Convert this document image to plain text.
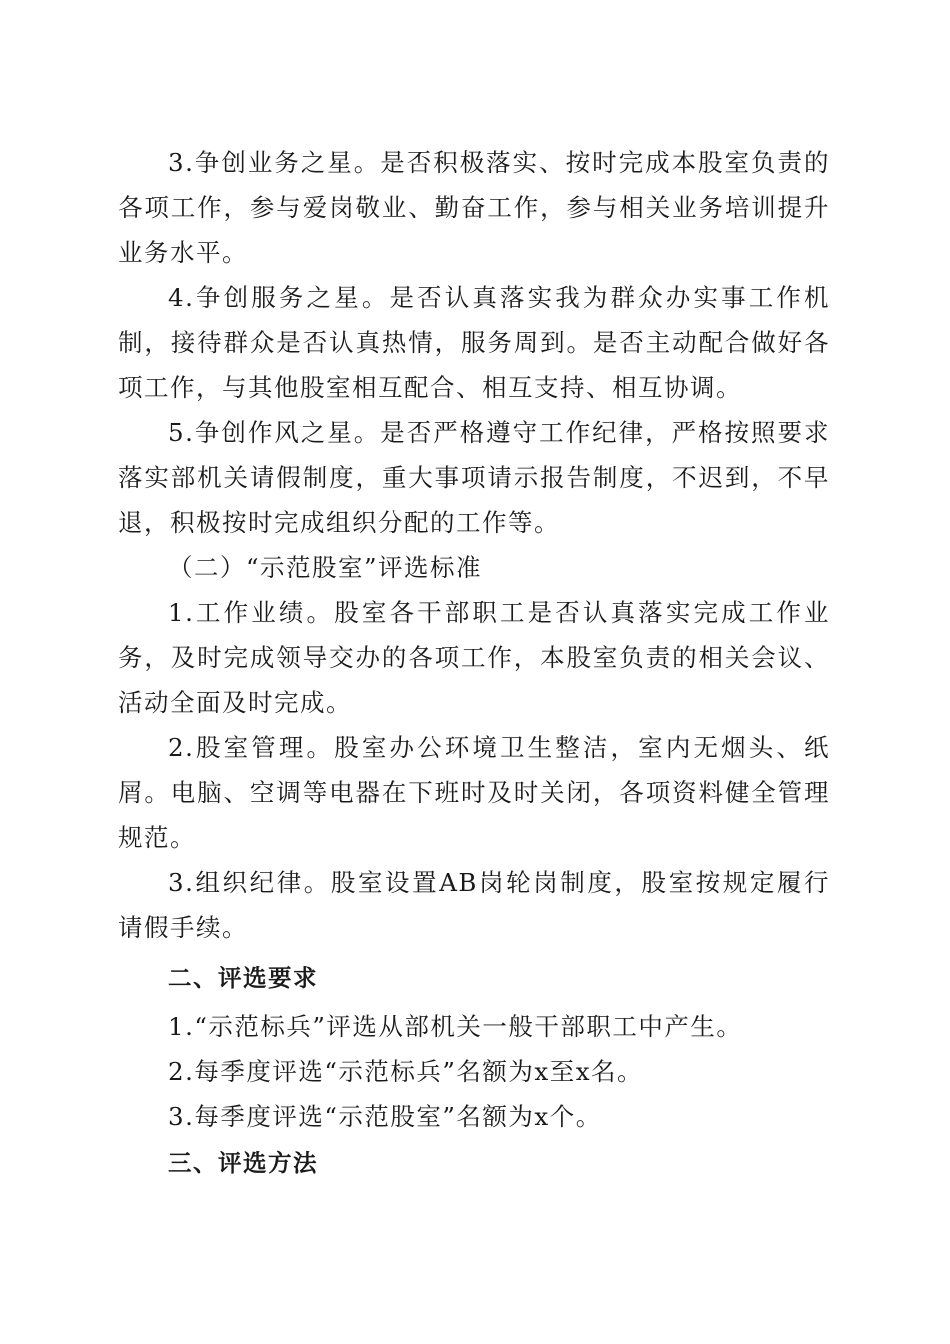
3.争创业务之星。是否积极落实、按时完成本股室负责的各项工作，参与爱岗敬业、勤奋工作，参与相关业务培训提升业务水平。

4.争创服务之星。是否认真落实我为群众办实事工作机制，接待群众是否认真热情，服务周到。是否主动配合做好各项工作，与其他股室相互配合、相互支持、相互协调。

5.争创作风之星。是否严格遵守工作纪律，严格按照要求落实部机关请假制度，重大事项请示报告制度，不迟到，不早退，积极按时完成组织分配的工作等。

（二）“示范股室”评选标准

1.工作业绩。股室各干部职工是否认真落实完成工作业务，及时完成领导交办的各项工作，本股室负责的相关会议、活动全面及时完成。

2.股室管理。股室办公环境卫生整洁，室内无烟头、纸屑。电脑、空调等电器在下班时及时关闭，各项资料健全管理规范。

3.组织纪律。股室设置AB岗轮岗制度，股室按规定履行请假手续。

二、评选要求

1.“示范标兵”评选从部机关一般干部职工中产生。

2.每季度评选“示范标兵”名额为x至x名。

3.每季度评选“示范股室”名额为x个。

三、评选方法
